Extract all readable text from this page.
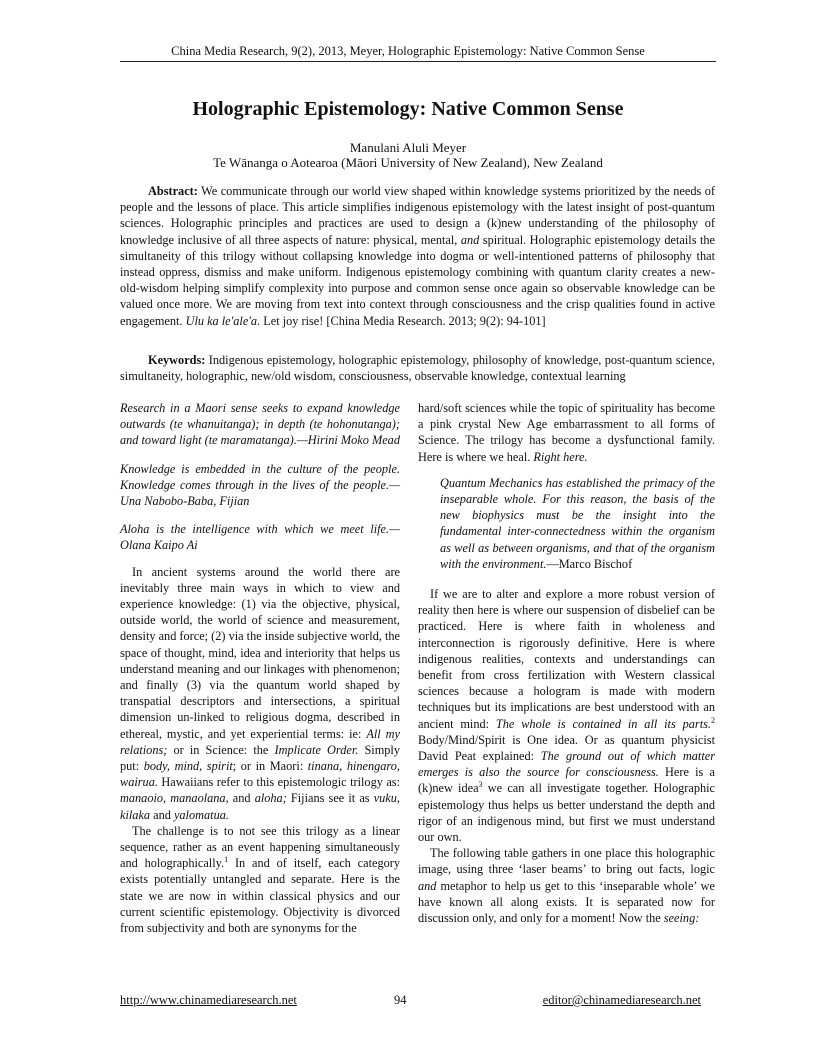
China Media Research, 9(2), 2013, Meyer, Holographic Epistemology: Native Common Sense
Holographic Epistemology: Native Common Sense
Manulani Aluli Meyer
Te Wānanga o Aotearoa (Māori University of New Zealand), New Zealand

Abstract: We communicate through our world view shaped within knowledge systems prioritized by the needs of people and the lessons of place. This article simplifies indigenous epistemology with the latest insight of post-quantum sciences. Holographic principles and practices are used to design a (k)new understanding of the philosophy of knowledge inclusive of all three aspects of nature: physical, mental, and spiritual. Holographic epistemology details the simultaneity of this trilogy without collapsing knowledge into dogma or well-intentioned patterns of philosophy that instead oppress, dismiss and make uniform. Indigenous epistemology combining with quantum clarity creates a new-old-wisdom helping simplify complexity into purpose and common sense once again so observable knowledge can be valued once more. We are moving from text into context through consciousness and the crisp qualities found in active engagement. Ulu ka le'ale'a. Let joy rise! [China Media Research. 2013; 9(2): 94-101]

Keywords: Indigenous epistemology, holographic epistemology, philosophy of knowledge, post-quantum science, simultaneity, holographic, new/old wisdom, consciousness, observable knowledge, contextual learning

Research in a Maori sense seeks to expand knowledge outwards (te whanuitanga); in depth (te hohonutanga); and toward light (te maramatanga).—Hirini Moko Mead

Knowledge is embedded in the culture of the people. Knowledge comes through in the lives of the people.—Una Nabobo-Baba, Fijian

Aloha is the intelligence with which we meet life.—Olana Kaipo Ai

In ancient systems around the world there are inevitably three main ways in which to view and experience knowledge: (1) via the objective, physical, outside world, the world of science and measurement, density and force; (2) via the inside subjective world, the space of thought, mind, idea and interiority that helps us understand meaning and our linkages with phenomenon; and finally (3) via the quantum world shaped by transpatial descriptors and intersections, a spiritual dimension un-linked to religious dogma, described in ethereal, mystic, and yet experiential terms: ie: All my relations; or in Science: the Implicate Order. Simply put: body, mind, spirit; or in Maori: tinana, hinengaro, wairua. Hawaiians refer to this epistemologic trilogy as: manaoio, manaolana, and aloha; Fijians see it as vuku, kilaka and yalomatua.

The challenge is to not see this trilogy as a linear sequence, rather as an event happening simultaneously and holographically.$^1$ In and of itself, each category exists potentially untangled and separate. Here is the state we are now in within classical physics and our current scientific epistemology. Objectivity is divorced from subjectivity and both are synonyms for the

hard/soft sciences while the topic of spirituality has become a pink crystal New Age embarrassment to all forms of Science. The trilogy has become a dysfunctional family. Here is where we heal. Right here.

Quantum Mechanics has established the primacy of the inseparable whole. For this reason, the basis of the new biophysics must be the insight into the fundamental inter-connectedness within the organism as well as between organisms, and that of the organism with the environment.—Marco Bischof

If we are to alter and explore a more robust version of reality then here is where our suspension of disbelief can be practiced. Here is where faith in wholeness and interconnection is rigorously definitive. Here is where indigenous realities, contexts and understandings can benefit from cross fertilization with Western classical sciences because a hologram is made with modern techniques but its implications are best understood with an ancient mind: The whole is contained in all its parts.$^2$ Body/Mind/Spirit is One idea. Or as quantum physicist David Peat explained: The ground out of which matter emerges is also the source for consciousness. Here is a (k)new idea$^3$ we can all investigate together. Holographic epistemology thus helps us better understand the depth and rigor of an indigenous mind, but first we must understand our own.

The following table gathers in one place this holographic image, using three ‘laser beams’ to bring out facts, logic and metaphor to help us get to this ‘inseparable whole’ we have known all along exists. It is separated now for discussion only, and only for a moment! Now the seeing:

http://www.chinamediaresearch.net	94	editor@chinamediaresearch.net
